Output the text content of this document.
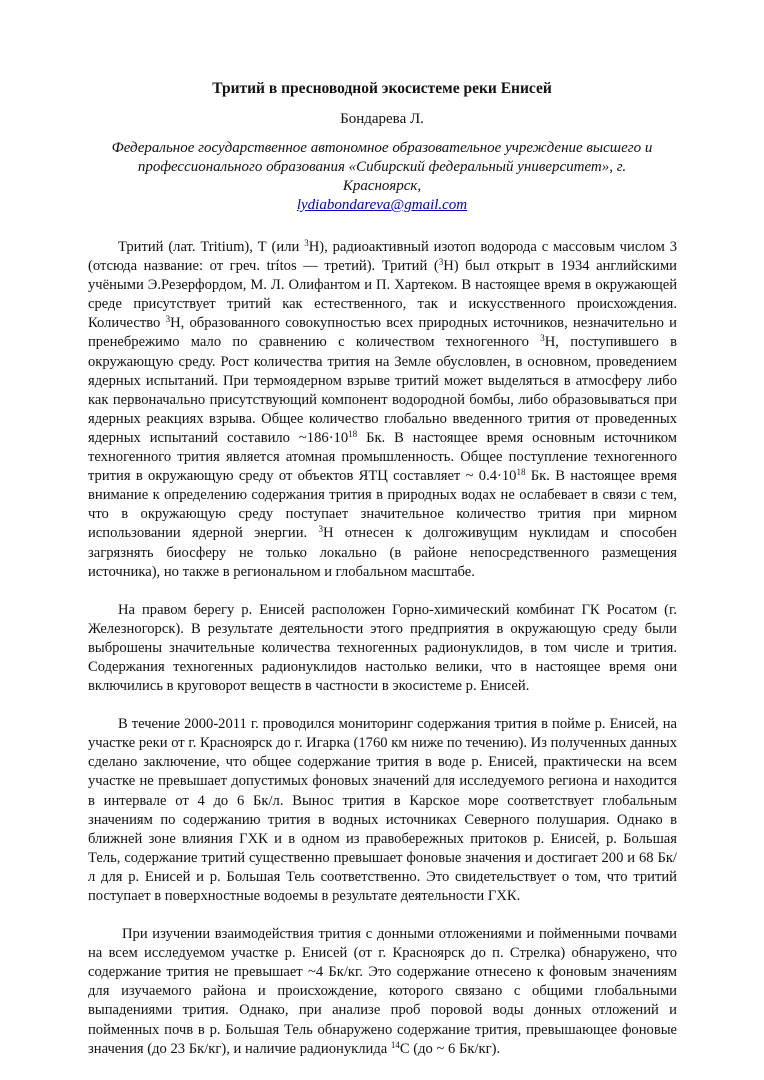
Тритий в пресноводной экосистеме реки Енисей

Бондарева Л.

Федеральное государственное автономное образовательное учреждение высшего и
профессионального образования «Сибирский федеральный университет», г. Красноярск,
lydiabondareva@gmail.com

Тритий (лат. Tritium), Т (или $^3$Н), радиоактивный изотоп водорода с массовым числом 3 (отсюда название: от греч. trítos — третий). Тритий ($^3$Н) был открыт в 1934 английскими учёными Э.Резерфордом, М. Л. Олифантом и П. Хартеком. В настоящее время в окружающей среде присутствует тритий как естественного, так и искусственного происхождения. Количество $^3$Н, образованного совокупностью всех природных источников, незначительно и пренебрежимо мало по сравнению с количеством техногенного $^3$Н, поступившего в окружающую среду. Рост количества трития на Земле обусловлен, в основном, проведением ядерных испытаний. При термоядерном взрыве тритий может выделяться в атмосферу либо как первоначально присутствующий компонент водородной бомбы, либо образовываться при ядерных реакциях взрыва. Общее количество глобально введенного трития от проведенных ядерных испытаний составило $\sim 186\cdot 10^{18}$ Бк. В настоящее время основным источником техногенного трития является атомная промышленность. Общее поступление техногенного трития в окружающую среду от объектов ЯТЦ составляет ~ $0.4\cdot 10^{18}$ Бк. В настоящее время внимание к определению содержания трития в природных водах не ослабевает в связи с тем, что в окружающую среду поступает значительное количество трития при мирном использовании ядерной энергии. $^3$Н отнесен к долгоживущим нуклидам и способен загрязнять биосферу не только локально (в районе непосредственного размещения источника), но также в региональном и глобальном масштабе.

На правом берегу р. Енисей расположен Горно-химический комбинат ГК Росатом (г. Железногорск). В результате деятельности этого предприятия в окружающую среду были выброшены значительные количества техногенных радионуклидов, в том числе и трития. Содержания техногенных радионуклидов настолько велики, что в настоящее время они включились в круговорот веществ в частности в экосистеме р. Енисей.

В течение 2000-2011 г. проводился мониторинг содержания трития в пойме р. Енисей, на участке реки от г. Красноярск до г. Игарка (1760 км ниже по течению). Из полученных данных сделано заключение, что общее содержание трития в воде р. Енисей, практически на всем участке не превышает допустимых фоновых значений для исследуемого региона и находится в интервале от 4 до 6 Бк/л. Вынос трития в Карское море соответствует глобальным значениям по содержанию трития в водных источниках Северного полушария. Однако в ближней зоне влияния ГХК и в одном из правобережных притоков р. Енисей, р. Большая Тель, содержание тритий существенно превышает фоновые значения и достигает 200 и 68 Бк/л для р. Енисей и р. Большая Тель соответственно. Это свидетельствует о том, что тритий поступает в поверхностные водоемы в результате деятельности ГХК.

При изучении взаимодействия трития с донными отложениями и пойменными почвами на всем исследуемом участке р. Енисей (от г. Красноярск до п. Стрелка) обнаружено, что содержание трития не превышает ~4 Бк/кг. Это содержание отнесено к фоновым значениям для изучаемого района и происхождение, которого связано с общими глобальными выпадениями трития. Однако, при анализе проб поровой воды донных отложений и пойменных почв в р. Большая Тель обнаружено содержание трития, превышающее фоновые значения (до 23 Бк/кг), и наличие радионуклида $^{14}$С (до ~ 6 Бк/кг).
